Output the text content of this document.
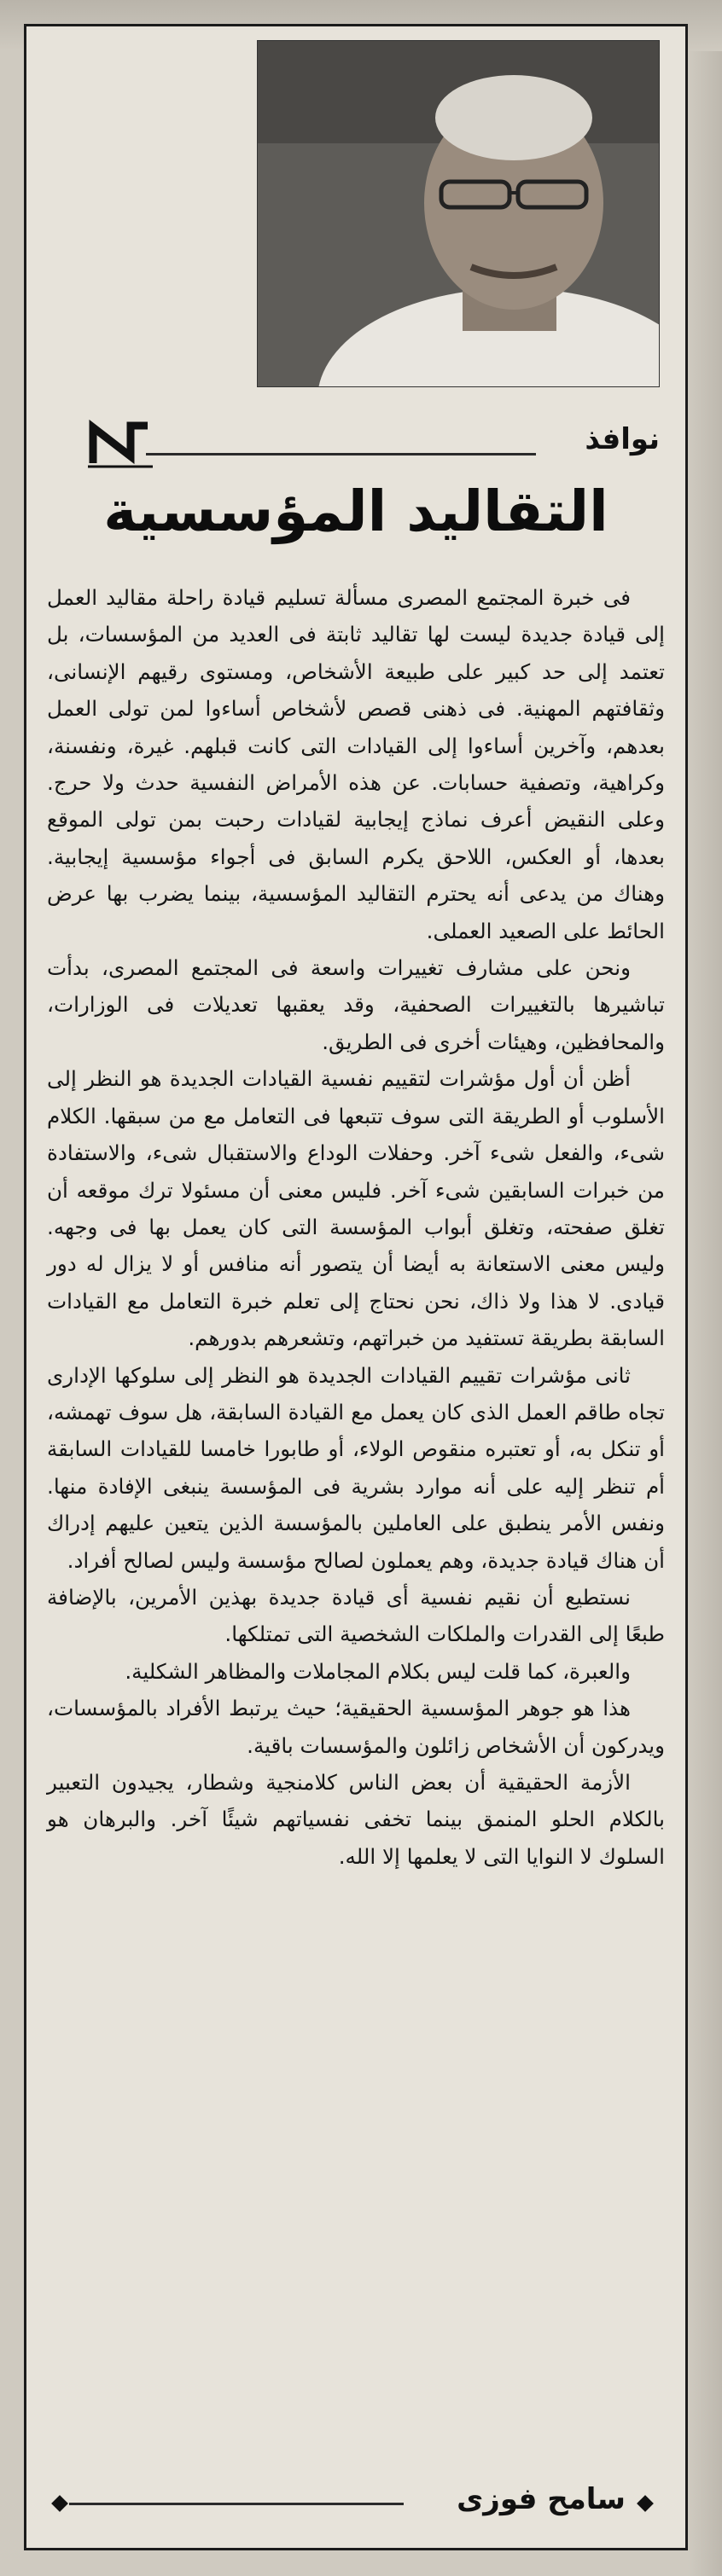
نوافذ
التقاليد المؤسسية

فى خبرة المجتمع المصرى مسألة تسليم قيادة راحلة مقاليد العمل إلى قيادة جديدة ليست لها تقاليد ثابتة فى العديد من المؤسسات، بل تعتمد إلى حد كبير على طبيعة الأشخاص، ومستوى رقيهم الإنسانى، وثقافتهم المهنية. فى ذهنى قصص لأشخاص أساءوا لمن تولى العمل بعدهم، وآخرين أساءوا إلى القيادات التى كانت قبلهم. غيرة، ونفسنة، وكراهية، وتصفية حسابات. عن هذه الأمراض النفسية حدث ولا حرج. وعلى النقيض أعرف نماذج إيجابية لقيادات رحبت بمن تولى الموقع بعدها، أو العكس، اللاحق يكرم السابق فى أجواء مؤسسية إيجابية. وهناك من يدعى أنه يحترم التقاليد المؤسسية، بينما يضرب بها عرض الحائط على الصعيد العملى.

ونحن على مشارف تغييرات واسعة فى المجتمع المصرى، بدأت تباشيرها بالتغييرات الصحفية، وقد يعقبها تعديلات فى الوزارات، والمحافظين، وهيئات أخرى فى الطريق.

أظن أن أول مؤشرات لتقييم نفسية القيادات الجديدة هو النظر إلى الأسلوب أو الطريقة التى سوف تتبعها فى التعامل مع من سبقها. الكلام شىء، والفعل شىء آخر. وحفلات الوداع والاستقبال شىء، والاستفادة من خبرات السابقين شىء آخر. فليس معنى أن مسئولا ترك موقعه أن تغلق صفحته، وتغلق أبواب المؤسسة التى كان يعمل بها فى وجهه. وليس معنى الاستعانة به أيضا أن يتصور أنه منافس أو لا يزال له دور قيادى. لا هذا ولا ذاك، نحن نحتاج إلى تعلم خبرة التعامل مع القيادات السابقة بطريقة تستفيد من خبراتهم، وتشعرهم بدورهم.

ثانى مؤشرات تقييم القيادات الجديدة هو النظر إلى سلوكها الإدارى تجاه طاقم العمل الذى كان يعمل مع القيادة السابقة، هل سوف تهمشه، أو تنكل به، أو تعتبره منقوص الولاء، أو طابورا خامسا للقيادات السابقة أم تنظر إليه على أنه موارد بشرية فى المؤسسة ينبغى الإفادة منها. ونفس الأمر ينطبق على العاملين بالمؤسسة الذين يتعين عليهم إدراك أن هناك قيادة جديدة، وهم يعملون لصالح مؤسسة وليس لصالح أفراد.

نستطيع أن نقيم نفسية أى قيادة جديدة بهذين الأمرين، بالإضافة طبعًا إلى القدرات والملكات الشخصية التى تمتلكها.

والعبرة، كما قلت ليس بكلام المجاملات والمظاهر الشكلية.

هذا هو جوهر المؤسسية الحقيقية؛ حيث يرتبط الأفراد بالمؤسسات، ويدركون أن الأشخاص زائلون والمؤسسات باقية.

الأزمة الحقيقية أن بعض الناس كلامنجية وشطار، يجيدون التعبير بالكلام الحلو المنمق بينما تخفى نفسياتهم شيئًا آخر. والبرهان هو السلوك لا النوايا التى لا يعلمها إلا الله.

سامح فوزى
